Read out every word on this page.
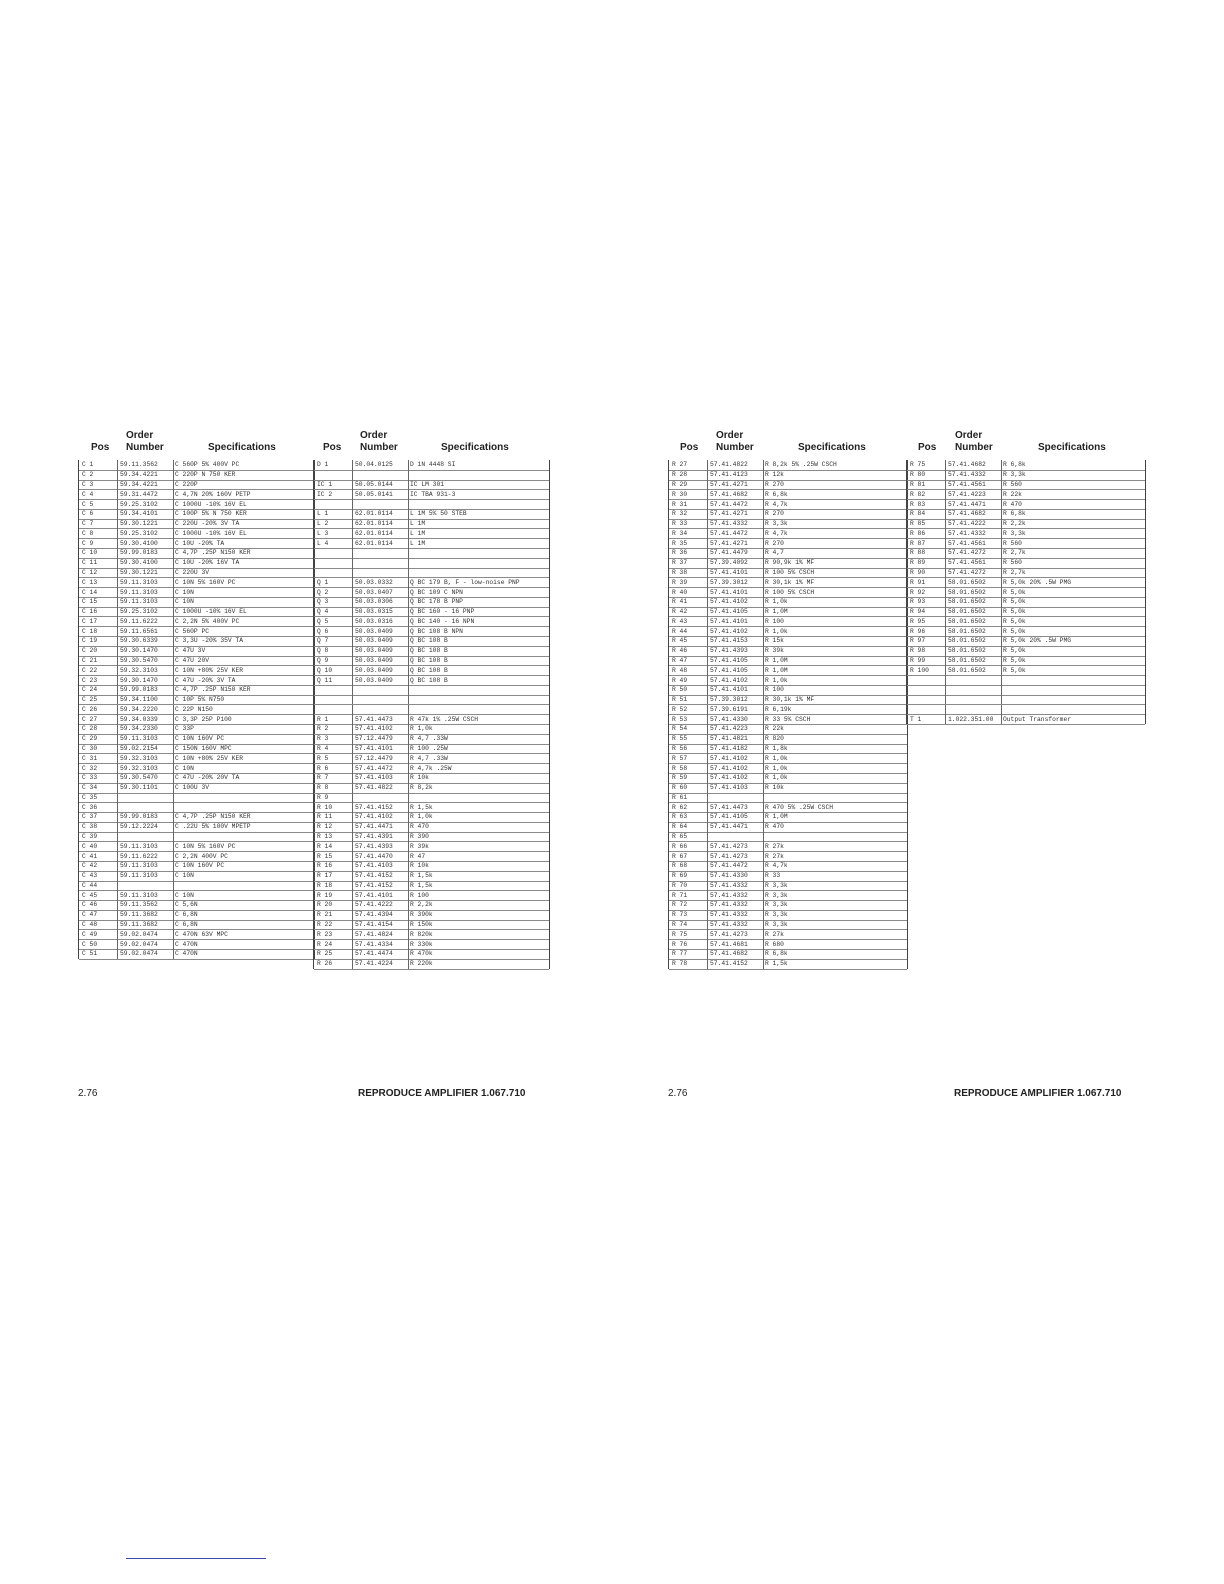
Pos
Order
Number	Specifications	Pos
Order
Number	Specifications
C 1	59.11.3562	C 560P 5% 400V PC
C 2	59.34.4221	C 220P N 750 KER
C 3	59.34.4221	C 220P
C 4	59.31.4472	C 4,7N 20% 160V PETP
C 5	59.25.3102	C 1000U -10% 16V EL
C 6	59.34.4101	C 100P 5% N 750 KER
C 7	59.30.1221	C 220U -20% 3V TA
C 8	59.25.3102	C 1000U -10% 16V EL
C 9	59.30.4100	C 10U -20% TA
C 10	59.99.0183	C 4,7P .25P N150 KER
C 11	59.30.4100	C 10U -20% 16V TA
C 12	59.30.1221	C 220U 3V
C 13	59.11.3103	C 10N 5% 160V PC
C 14	59.11.3103	C 10N
C 15	59.11.3103	C 10N
C 16	59.25.3102	C 1000U -10% 16V EL
C 17	59.11.6222	C 2,2N 5% 400V PC
C 18	59.11.6561	C 560P PC
C 19	59.30.6339	C 3,3U -20% 35V TA
C 20	59.30.1470	C 47U 3V
C 21	59.30.5470	C 47U 20V
C 22	59.32.3103	C 10N +80% 25V KER
C 23	59.30.1470	C 47U -20% 3V TA
C 24	59.99.0183	C 4,7P .25P N150 KER
C 25	59.34.1100	C 10P 5% N750
C 26	59.34.2220	C 22P N150
C 27	59.34.0339	C 3,3P 25P P100
C 28	59.34.2330	C 33P
C 29	59.11.3103	C 10N 160V PC
C 30	59.02.2154	C 150N 160V MPC
C 31	59.32.3103	C 10N +80% 25V KER
C 32	59.32.3103	C 10N
C 33	59.30.5470	C 47U -20% 20V TA
C 34	59.30.1101	C 100U 3V
C 35
C 36
C 37	59.99.0183	C 4,7P .25P N150 KER
C 38	59.12.2224	C .22U 5% 100V MPETP
C 39
C 40	59.11.3103	C 10N 5% 160V PC
C 41	59.11.6222	C 2,2N 400V PC
C 42	59.11.3103	C 10N 160V PC
C 43	59.11.3103	C 10N
C 44
C 45	59.11.3103	C 10N
C 46	59.11.3562	C 5,6N
C 47	59.11.3682	C 6,8N
C 48	59.11.3682	C 6,8N
C 49	59.02.0474	C 470N 63V MPC
C 50	59.02.0474	C 470N
C 51	59.02.0474	C 470N
D 1	50.04.0125	D 1N 4448 SI
IC 1	50.05.0144	IC LM 301
IC 2	50.05.0141	IC TBA 931-3
L 1	62.01.0114	L 1M 5% 50 STEB
L 2	62.01.0114	L 1M
L 3	62.01.0114	L 1M
L 4	62.01.0114	L 1M
Q 1	50.03.0332	Q BC 179 B, F - low-noise PNP
Q 2	50.03.0407	Q BC 109 C NPN
Q 3	50.03.0306	Q BC 178 B PNP
Q 4	50.03.0315	Q BC 160 - 16 PNP
Q 5	50.03.0316	Q BC 140 - 16 NPN
Q 6	50.03.0409	Q BC 108 B NPN
Q 7	50.03.0409	Q BC 108 B
Q 8	50.03.0409	Q BC 108 B
Q 9	50.03.0409	Q BC 108 B
Q 10	50.03.0409	Q BC 108 B
Q 11	50.03.0409	Q BC 108 B
R 1	57.41.4473	R 47k 1% .25W CSCH
R 2	57.41.4102	R 1,0k
R 3	57.12.4479	R 4,7 .33W
R 4	57.41.4101	R 100 .25W
R 5	57.12.4479	R 4,7 .33W
R 6	57.41.4472	R 4,7k .25W
R 7	57.41.4103	R 10k
R 8	57.41.4822	R 8,2k
R 9
R 10	57.41.4152	R 1,5k
R 11	57.41.4102	R 1,0k
R 12	57.41.4471	R 470
R 13	57.41.4391	R 390
R 14	57.41.4393	R 39k
R 15	57.41.4470	R 47
R 16	57.41.4103	R 10k
R 17	57.41.4152	R 1,5k
R 18	57.41.4152	R 1,5k
R 19	57.41.4101	R 100
R 20	57.41.4222	R 2,2k
R 21	57.41.4394	R 390k
R 22	57.41.4154	R 150k
R 23	57.41.4824	R 820k
R 24	57.41.4334	R 330k
R 25	57.41.4474	R 470k
R 26	57.41.4224	R 220k
2.76	REPRODUCE AMPLIFIER 1.067.710
Pos
Order
Number	Specifications	Pos
Order
Number	Specifications
R 27	57.41.4822	R 8,2k 5% .25W CSCH
R 28	57.41.4123	R 12k
R 29	57.41.4271	R 270
R 30	57.41.4682	R 6,8k
R 31	57.41.4472	R 4,7k
R 32	57.41.4271	R 270
R 33	57.41.4332	R 3,3k
R 34	57.41.4472	R 4,7k
R 35	57.41.4271	R 270
R 36	57.41.4479	R 4,7
R 37	57.39.4092	R 90,9k 1% MF
R 38	57.41.4101	R 100 5% CSCH
R 39	57.39.3012	R 30,1k 1% MF
R 40	57.41.4101	R 100 5% CSCH
R 41	57.41.4102	R 1,0k
R 42	57.41.4105	R 1,0M
R 43	57.41.4101	R 100
R 44	57.41.4102	R 1,0k
R 45	57.41.4153	R 15k
R 46	57.41.4393	R 39k
R 47	57.41.4105	R 1,0M
R 48	57.41.4105	R 1,0M
R 49	57.41.4102	R 1,0k
R 50	57.41.4101	R 100
R 51	57.39.3012	R 30,1k 1% MF
R 52	57.39.6191	R 6,19k
R 53	57.41.4330	R 33 5% CSCH
R 54	57.41.4223	R 22k
R 55	57.41.4821	R 820
R 56	57.41.4182	R 1,8k
R 57	57.41.4102	R 1,0k
R 58	57.41.4102	R 1,0k
R 59	57.41.4102	R 1,0k
R 60	57.41.4103	R 10k
R 61
R 62	57.41.4473	R 470 5% .25W CSCH
R 63	57.41.4105	R 1,0M
R 64	57.41.4471	R 470
R 65
R 66	57.41.4273	R 27k
R 67	57.41.4273	R 27k
R 68	57.41.4472	R 4,7k
R 69	57.41.4330	R 33
R 70	57.41.4332	R 3,3k
R 71	57.41.4332	R 3,3k
R 72	57.41.4332	R 3,3k
R 73	57.41.4332	R 3,3k
R 74	57.41.4332	R 3,3k
R 75	57.41.4273	R 27k
R 76	57.41.4681	R 680
R 77	57.41.4682	R 6,8k
R 78	57.41.4152	R 1,5k
R 75	57.41.4682	R 6,8k
R 80	57.41.4332	R 3,3k
R 81	57.41.4561	R 560
R 82	57.41.4223	R 22k
R 83	57.41.4471	R 470
R 84	57.41.4682	R 6,8k
R 85	57.41.4222	R 2,2k
R 86	57.41.4332	R 3,3k
R 87	57.41.4561	R 560
R 88	57.41.4272	R 2,7k
R 89	57.41.4561	R 560
R 90	57.41.4272	R 2,7k
R 91	58.01.6502	R 5,0k 20% .5W PMG
R 92	58.01.6502	R 5,0k
R 93	58.01.6502	R 5,0k
R 94	58.01.6502	R 5,0k
R 95	58.01.6502	R 5,0k
R 96	58.01.6502	R 5,0k
R 97	58.01.6502	R 5,0k 20% .5W PMG
R 98	58.01.6502	R 5,0k
R 99	58.01.6502	R 5,0k
R 100	58.01.6502	R 5,0k
T 1	1.022.351.00 Output Transformer
2.76	REPRODUCE AMPLIFIER 1.067.710
